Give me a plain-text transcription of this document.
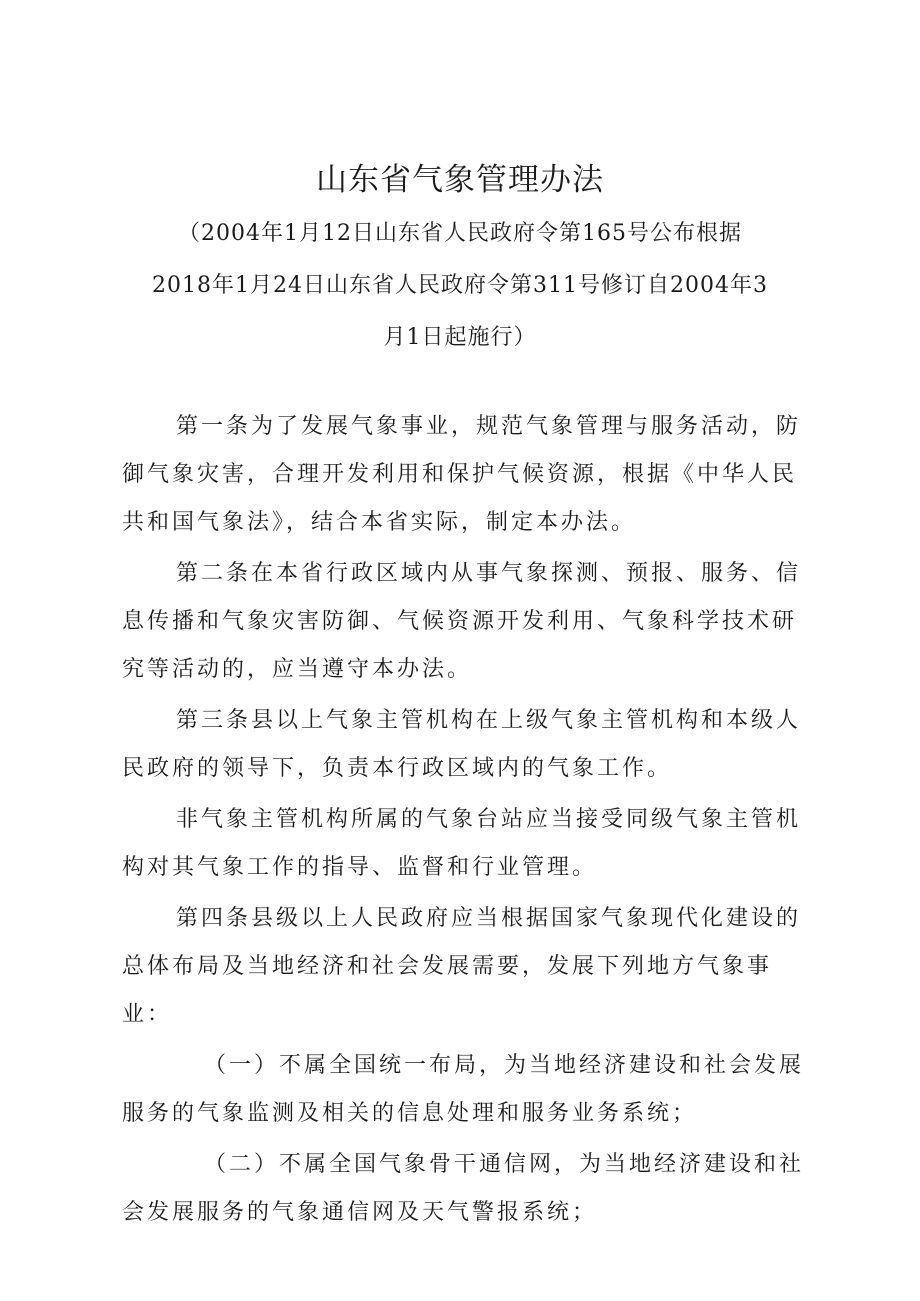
山东省气象管理办法
（2004年1月12日山东省人民政府令第165号公布根据2018年1月24日山东省人民政府令第311号修订自2004年3月1日起施行）

第一条为了发展气象事业，规范气象管理与服务活动，防御气象灾害，合理开发利用和保护气候资源，根据《中华人民共和国气象法》，结合本省实际，制定本办法。

第二条在本省行政区域内从事气象探测、预报、服务、信息传播和气象灾害防御、气候资源开发利用、气象科学技术研究等活动的，应当遵守本办法。

第三条县以上气象主管机构在上级气象主管机构和本级人民政府的领导下，负责本行政区域内的气象工作。

非气象主管机构所属的气象台站应当接受同级气象主管机构对其气象工作的指导、监督和行业管理。

第四条县级以上人民政府应当根据国家气象现代化建设的总体布局及当地经济和社会发展需要，发展下列地方气象事业：

（一）不属全国统一布局，为当地经济建设和社会发展服务的气象监测及相关的信息处理和服务业务系统；

（二）不属全国气象骨干通信网，为当地经济建设和社会发展服务的气象通信网及天气警报系统；
